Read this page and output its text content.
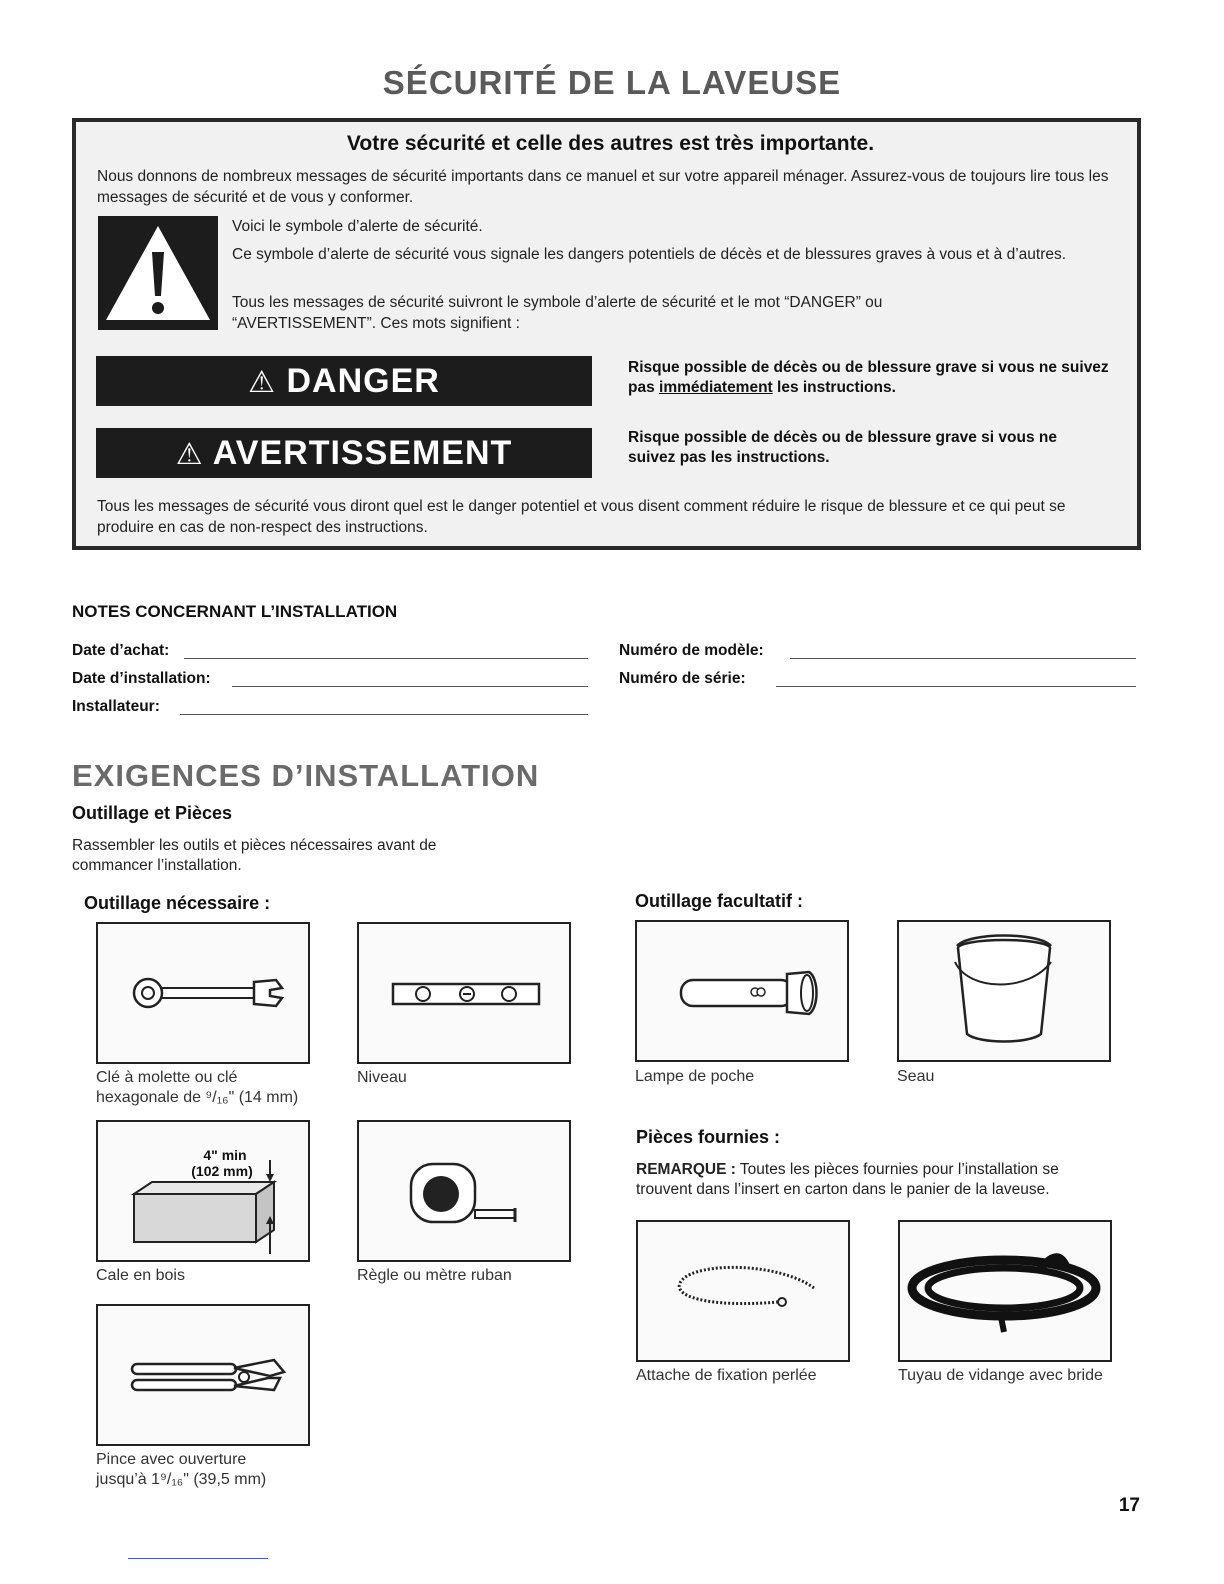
SÉCURITÉ DE LA LAVEUSE
Votre sécurité et celle des autres est très importante.
Nous donnons de nombreux messages de sécurité importants dans ce manuel et sur votre appareil ménager. Assurez-vous de toujours lire tous les messages de sécurité et de vous y conformer.
Voici le symbole d’alerte de sécurité.
Ce symbole d’alerte de sécurité vous signale les dangers potentiels de décès et de blessures graves à vous et à d’autres.
Tous les messages de sécurité suivront le symbole d’alerte de sécurité et le mot “DANGER” ou “AVERTISSEMENT”. Ces mots signifient :
⚠ DANGER	Risque possible de décès ou de blessure grave si vous ne suivez pas immédiatement les instructions.
⚠ AVERTISSEMENT	Risque possible de décès ou de blessure grave si vous ne suivez pas les instructions.
Tous les messages de sécurité vous diront quel est le danger potentiel et vous disent comment réduire le risque de blessure et ce qui peut se produire en cas de non-respect des instructions.
NOTES CONCERNANT L’INSTALLATION
Date d’achat:
Date d’installation:
Installateur:
Numéro de modèle:
Numéro de série:
EXIGENCES D’INSTALLATION
Outillage et Pièces
Rassembler les outils et pièces nécessaires avant de commancer l’installation.
Outillage nécessaire :	Outillage facultatif :
Clé à molette ou clé
hexagonale de ⁹/₁₆" (14 mm)
Niveau	Lampe de poche	Seau
4" min
(102 mm)
Cale en bois	Règle ou mètre ruban
Pièces fournies :
REMARQUE : Toutes les pièces fournies pour l’installation se trouvent dans l’insert en carton dans le panier de la laveuse.
Attache de fixation perlée	Tuyau de vidange avec bride
Pince avec ouverture
jusqu’à 1⁹/₁₆" (39,5 mm)
17
